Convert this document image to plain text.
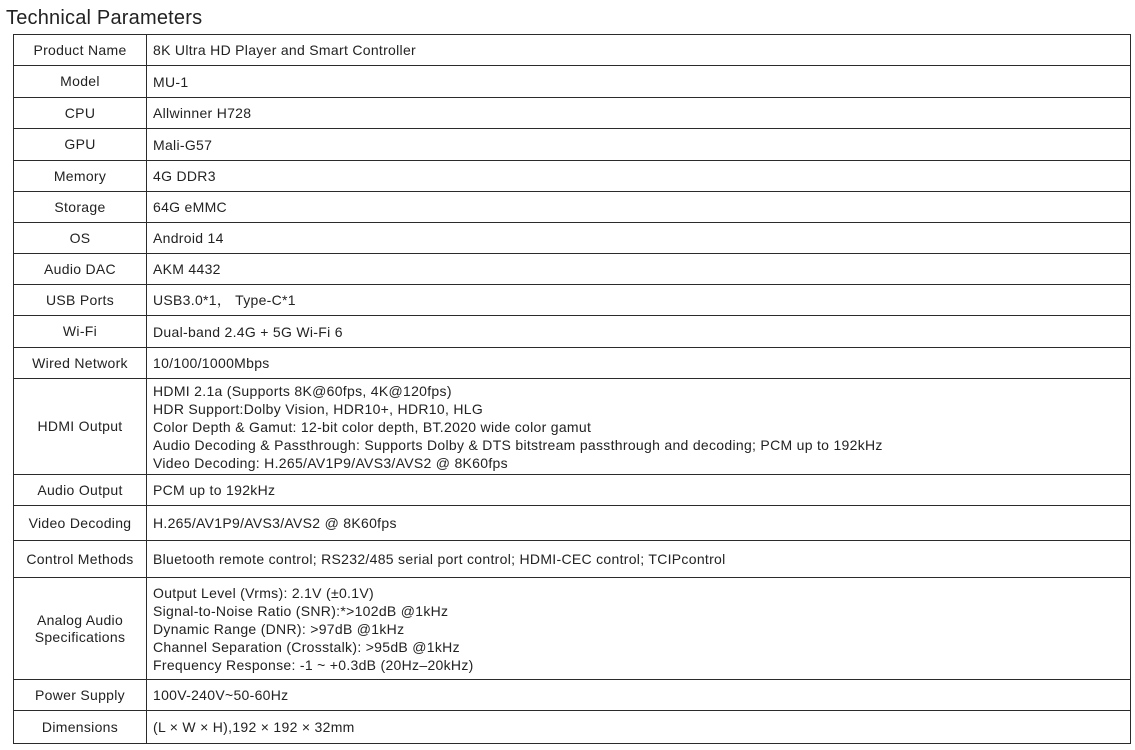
Technical Parameters
Product Name	8K Ultra HD Player and Smart Controller

Model	MU-1

CPU	Allwinner H728

GPU	Mali-G57

Memory	4G DDR3

Storage	64G eMMC

OS	Android 14

Audio DAC	AKM 4432

USB Ports	USB3.0*1， Type-C*1

Wi-Fi	Dual-band 2.4G + 5G Wi-Fi 6

Wired Network	10/100/1000Mbps

HDMI Output	HDMI 2.1a (Supports 8K@60fps, 4K@120fps)
HDR Support:Dolby Vision, HDR10+, HDR10, HLG
Color Depth & Gamut: 12-bit color depth, BT.2020 wide color gamut
Audio Decoding & Passthrough: Supports Dolby & DTS bitstream passthrough and decoding; PCM up to 192kHz
Video Decoding: H.265/AV1P9/AVS3/AVS2 @ 8K60fps

Audio Output	PCM up to 192kHz

Video Decoding	H.265/AV1P9/AVS3/AVS2 @ 8K60fps

Control Methods	Bluetooth remote control; RS232/485 serial port control; HDMI-CEC control; TCIPcontrol

Analog Audio
Specifications	Output Level (Vrms): 2.1V (±0.1V)
Signal-to-Noise Ratio (SNR):*>102dB @1kHz
Dynamic Range (DNR): >97dB @1kHz
Channel Separation (Crosstalk): >95dB @1kHz
Frequency Response: -1 ~ +0.3dB (20Hz–20kHz)

Power Supply	100V-240V~50-60Hz

Dimensions	(L × W × H),192 × 192 × 32mm
